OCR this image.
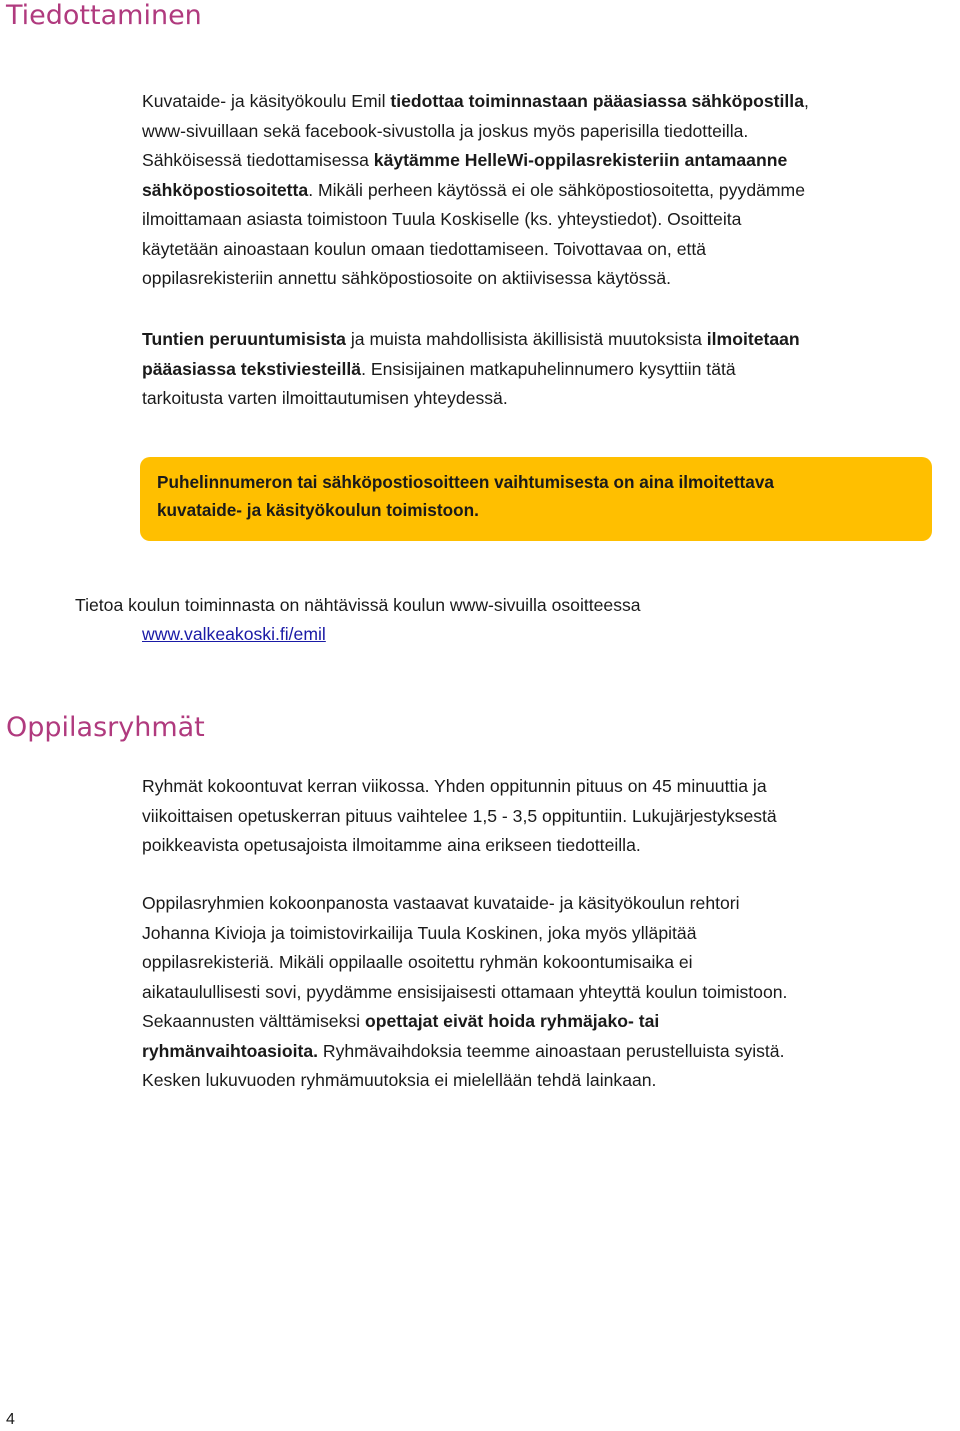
Tiedottaminen
Kuvataide- ja käsityökoulu Emil tiedottaa toiminnastaan pääasiassa sähköpostilla,
www-sivuillaan sekä facebook-sivustolla ja joskus myös paperisilla tiedotteilla.
Sähköisessä tiedottamisessa käytämme HelleWi-oppilasrekisteriin antamaanne
sähköpostiosoitetta. Mikäli perheen käytössä ei ole sähköpostiosoitetta, pyydämme
ilmoittamaan asiasta toimistoon Tuula Koskiselle (ks. yhteystiedot). Osoitteita
käytetään ainoastaan koulun omaan tiedottamiseen. Toivottavaa on, että
oppilasrekisteriin annettu sähköpostiosoite on aktiivisessa käytössä.
Tuntien peruuntumisista ja muista mahdollisista äkillisistä muutoksista ilmoitetaan
pääasiassa tekstiviesteillä. Ensisijainen matkapuhelinnumero kysyttiin tätä
tarkoitusta varten ilmoittautumisen yhteydessä.
Puhelinnumeron tai sähköpostiosoitteen vaihtumisesta on aina ilmoitettava
kuvataide- ja käsityökoulun toimistoon.
Tietoa koulun toiminnasta on nähtävissä koulun www-sivuilla osoitteessa
www.valkeakoski.fi/emil
Oppilasryhmät
Ryhmät kokoontuvat kerran viikossa. Yhden oppitunnin pituus on 45 minuuttia ja
viikoittaisen opetuskerran pituus vaihtelee 1,5 - 3,5 oppituntiin. Lukujärjestyksestä
poikkeavista opetusajoista ilmoitamme aina erikseen tiedotteilla.
Oppilasryhmien kokoonpanosta vastaavat kuvataide- ja käsityökoulun rehtori
Johanna Kivioja ja toimistovirkailija Tuula Koskinen, joka myös ylläpitää
oppilasrekisteriä. Mikäli oppilaalle osoitettu ryhmän kokoontumisaika ei
aikataulullisesti sovi, pyydämme ensisijaisesti ottamaan yhteyttä koulun toimistoon.
Sekaannusten välttämiseksi opettajat eivät hoida ryhmäjako- tai
ryhmänvaihtoasioita. Ryhmävaihdoksia teemme ainoastaan perustelluista syistä.
Kesken lukuvuoden ryhmämuutoksia ei mielellään tehdä lainkaan.
4
